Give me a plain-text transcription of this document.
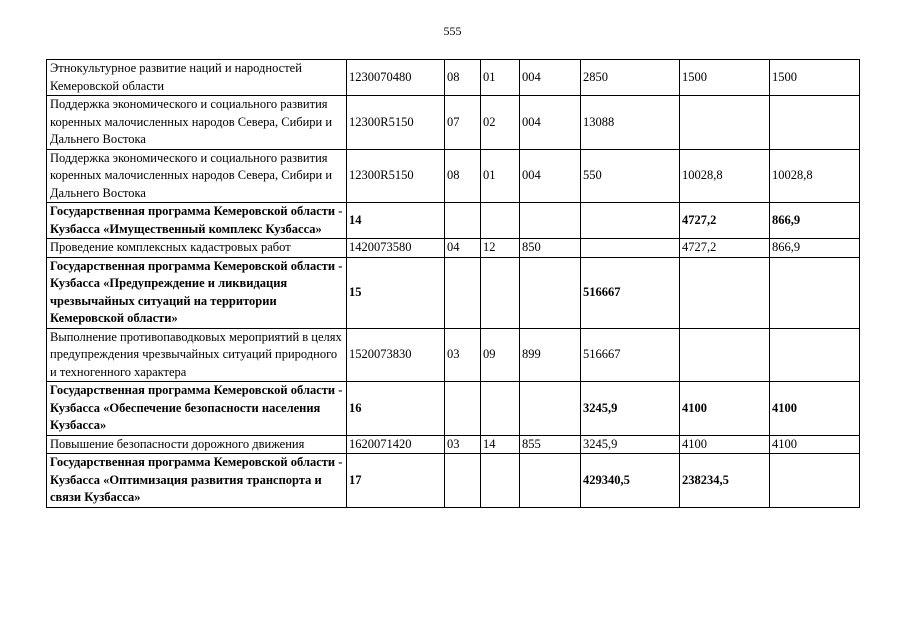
555
Этнокультурное развитие наций и народностей Кемеровской области	1230070480	08	01	004	2850	1500	1500
Поддержка экономического и социального развития коренных малочисленных народов Севера, Сибири и Дальнего Востока	12300R5150	07	02	004	13088		
Поддержка экономического и социального развития коренных малочисленных народов Севера, Сибири и Дальнего Востока	12300R5150	08	01	004	550	10028,8	10028,8
Государственная программа Кемеровской области - Кузбасса «Имущественный комплекс Кузбасса»	14					4727,2	866,9
Проведение комплексных кадастровых работ	1420073580	04	12	850		4727,2	866,9
Государственная программа Кемеровской области - Кузбасса «Предупреждение и ликвидация чрезвычайных ситуаций на территории Кемеровской области»	15				516667		
Выполнение противопаводковых мероприятий в целях предупреждения чрезвычайных ситуаций природного и техногенного характера	1520073830	03	09	899	516667		
Государственная программа Кемеровской области - Кузбасса «Обеспечение безопасности населения Кузбасса»	16				3245,9	4100	4100
Повышение безопасности дорожного движения	1620071420	03	14	855	3245,9	4100	4100
Государственная программа Кемеровской области - Кузбасса «Оптимизация развития транспорта и связи Кузбасса»	17				429340,5	238234,5	
